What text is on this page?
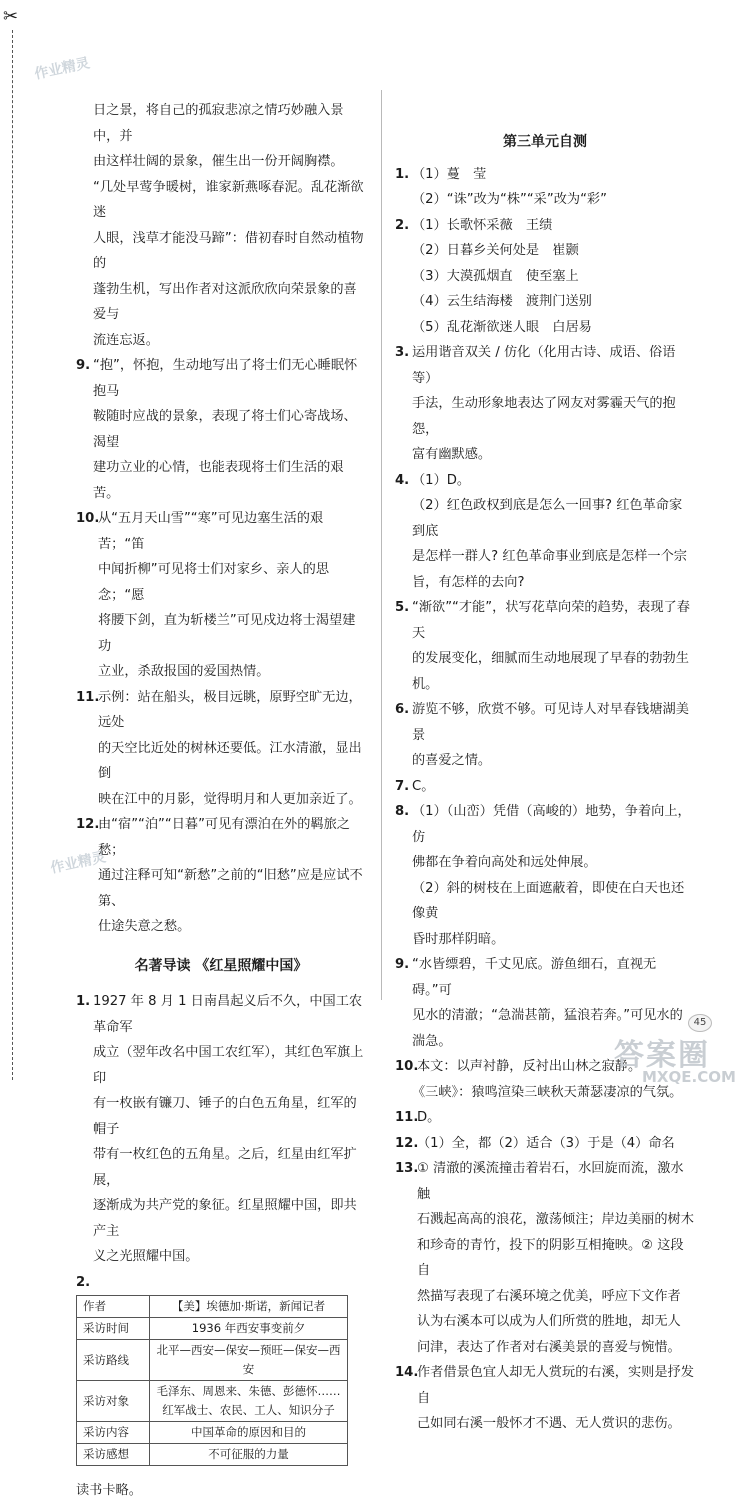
✂
作业精灵
作业精灵

日之景，将自己的孤寂悲凉之情巧妙融入景中，并

由这样壮阔的景象，催生出一份开阔胸襟。

“几处早莺争暖树，谁家新燕啄春泥。乱花渐欲迷

人眼，浅草才能没马蹄”：借初春时自然动植物的

蓬勃生机，写出作者对这派欣欣向荣景象的喜爱与

流连忘返。

9. “抱”，怀抱，生动地写出了将士们无心睡眠怀抱马
鞍随时应战的景象，表现了将士们心寄战场、渴望
建功立业的心情，也能表现将士们生活的艰苦。
10.
从“五月天山雪”“寒”可见边塞生活的艰苦；“笛
中闻折柳”可见将士们对家乡、亲人的思念；“愿
将腰下剑，直为斩楼兰”可见戍边将士渴望建功
立业，杀敌报国的爱国热情。
11.
示例：站在船头，极目远眺，原野空旷无边，远处
的天空比近处的树林还要低。江水清澈，显出倒
映在江中的月影，觉得明月和人更加亲近了。
12.
由“宿”“泊”“日暮”可见有漂泊在外的羁旅之愁；
通过注释可知“新愁”之前的“旧愁”应是应试不第、
仕途失意之愁。

名著导读 《红星照耀中国》

1. 1927 年 8 月 1 日南昌起义后不久，中国工农革命军
成立（翌年改名中国工农红军），其红色军旗上印
有一枚嵌有镰刀、锤子的白色五角星，红军的帽子
带有一枚红色的五角星。之后，红星由红军扩展，
逐渐成为共产党的象征。红星照耀中国，即共产主
义之光照耀中国。
2.
作者	【美】埃德加·斯诺，新闻记者

采访时间	1936 年西安事变前夕

采访路线	北平—西安—保安—预旺—保安—西安

采访对象	毛泽东、周恩来、朱德、彭德怀……
红军战士、农民、工人、知识分子

采访内容	中国革命的原因和目的

采访感想	不可征服的力量

读书卡略。

第三单元自测

1. （1）蔓　莹
（2）“诛”改为“株”“采”改为“彩”
2. （1）长歌怀采薇　王绩
（2）日暮乡关何处是　崔颢
（3）大漠孤烟直　使至塞上
（4）云生结海楼　渡荆门送别
（5）乱花渐欲迷人眼　白居易
3. 运用谐音双关 / 仿化（化用古诗、成语、俗语等）
手法，生动形象地表达了网友对雾霾天气的抱怨，
富有幽默感。
4. （1）D。
（2）红色政权到底是怎么一回事? 红色革命家到底
是怎样一群人? 红色革命事业到底是怎样一个宗
旨，有怎样的去向?
5. “渐欲”“才能”，状写花草向荣的趋势，表现了春天
的发展变化，细腻而生动地展现了早春的勃勃生机。
6. 游览不够，欣赏不够。可见诗人对早春钱塘湖美景
的喜爱之情。
7. C。
8. （1）（山峦）凭借（高峻的）地势，争着向上，仿
佛都在争着向高处和远处伸展。
（2）斜的树枝在上面遮蔽着，即使在白天也还像黄
昏时那样阴暗。
9. “水皆缥碧，千丈见底。游鱼细石，直视无碍。”可
见水的清澈；“急湍甚箭，猛浪若奔。”可见水的湍急。
10.
本文：以声衬静，反衬出山林之寂静。
《三峡》：猿鸣渲染三峡秋天萧瑟凄凉的气氛。
11.
D。
12.
（1）全，都（2）适合（3）于是（4）命名
13.
① 清澈的溪流撞击着岩石，水回旋而流，激水触
石溅起高高的浪花，激荡倾注；岸边美丽的树木
和珍奇的青竹，投下的阴影互相掩映。② 这段自
然描写表现了右溪环境之优美，呼应下文作者
认为右溪本可以成为人们所赏的胜地，却无人
问津，表达了作者对右溪美景的喜爱与惋惜。
14.
作者借景色宜人却无人赏玩的右溪，实则是抒发自
己如同右溪一般怀才不遇、无人赏识的悲伤。
45
答案圈
MXQE.COM
